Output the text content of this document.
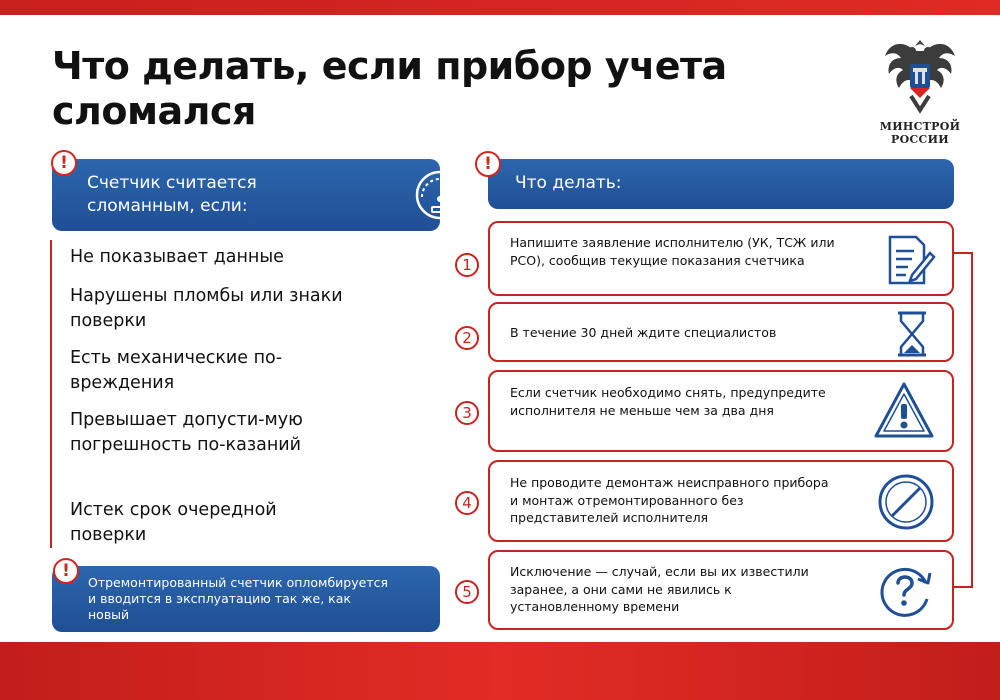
Что делать, если прибор учета сломался	МИНСТРОЙ
РОССИИ
Счетчик считается сломанным, если:
!
Не показывает данные
Нарушены пломбы или знаки поверки
Есть механические по-вреждения
Превышает допусти-мую погрешность по-казаний
Истек срок очередной поверки
Отремонтированный счетчик опломбируется и вводится в эксплуатацию так же, как новый
!
Что делать:
!
Напишите заявление исполнителю (УК, ТСЖ или РСО), сообщив текущие показания счетчика
1
В течение 30 дней ждите специалистов
2
Если счетчик необходимо снять, предупредите исполнителя не меньше чем за два дня
3
Не проводите демонтаж неисправного прибора и монтаж отремонтированного без представителей исполнителя
4
Исключение — случай, если вы их известили заранее, а они сами не явились к установленному времени
5
